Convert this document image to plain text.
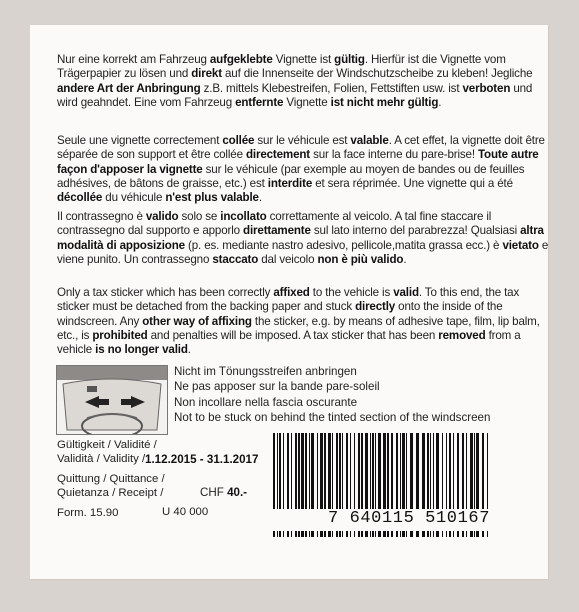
Nur eine korrekt am Fahrzeug aufgeklebte Vignette ist gültig. Hierfür ist die Vignette vom Trägerpapier zu lösen und direkt auf die Innenseite der Windschutzscheibe zu kleben! Jegliche andere Art der Anbringung z.B. mittels Klebestreifen, Folien, Fettstiften usw. ist verboten und wird geahndet. Eine vom Fahrzeug entfernte Vignette ist nicht mehr gültig.
Seule une vignette correctement collée sur le véhicule est valable. A cet effet, la vignette doit être séparée de son support et être collée directement sur la face interne du pare-brise! Toute autre façon d'apposer la vignette sur le véhicule (par exemple au moyen de bandes ou de feuilles adhésives, de bâtons de graisse, etc.) est interdite et sera réprimée. Une vignette qui a été décollée du véhicule n'est plus valable.
Il contrassegno è valido solo se incollato correttamente al veicolo. A tal fine staccare il contrassegno dal supporto e apporlo direttamente sul lato interno del parabrezza! Qualsiasi altra modalità di apposizione (p. es. mediante nastro adesivo, pellicole,matita grassa ecc.) è vietato e viene punito. Un contrassegno staccato dal veicolo non è più valido.
Only a tax sticker which has been correctly affixed to the vehicle is valid. To this end, the tax sticker must be detached from the backing paper and stuck directly onto the inside of the windscreen. Any other way of affixing the sticker, e.g. by means of adhesive tape, film, lip balm, etc., is prohibited and penalties will be imposed. A tax sticker that has been removed from a vehicle is no longer valid.
Nicht im Tönungsstreifen anbringen
Ne pas apposer sur la bande pare-soleil
Non incollare nella fascia oscurante
Not to be stuck on behind the tinted section of the windscreen
Gültigkeit / Validité /
Validità / Validity / 1.12.2015 - 31.1.2017
Quittung / Quittance /
Quietanza / Receipt /	CHF 40.-
Form. 15.90	U 40 000	7 640115 510167
